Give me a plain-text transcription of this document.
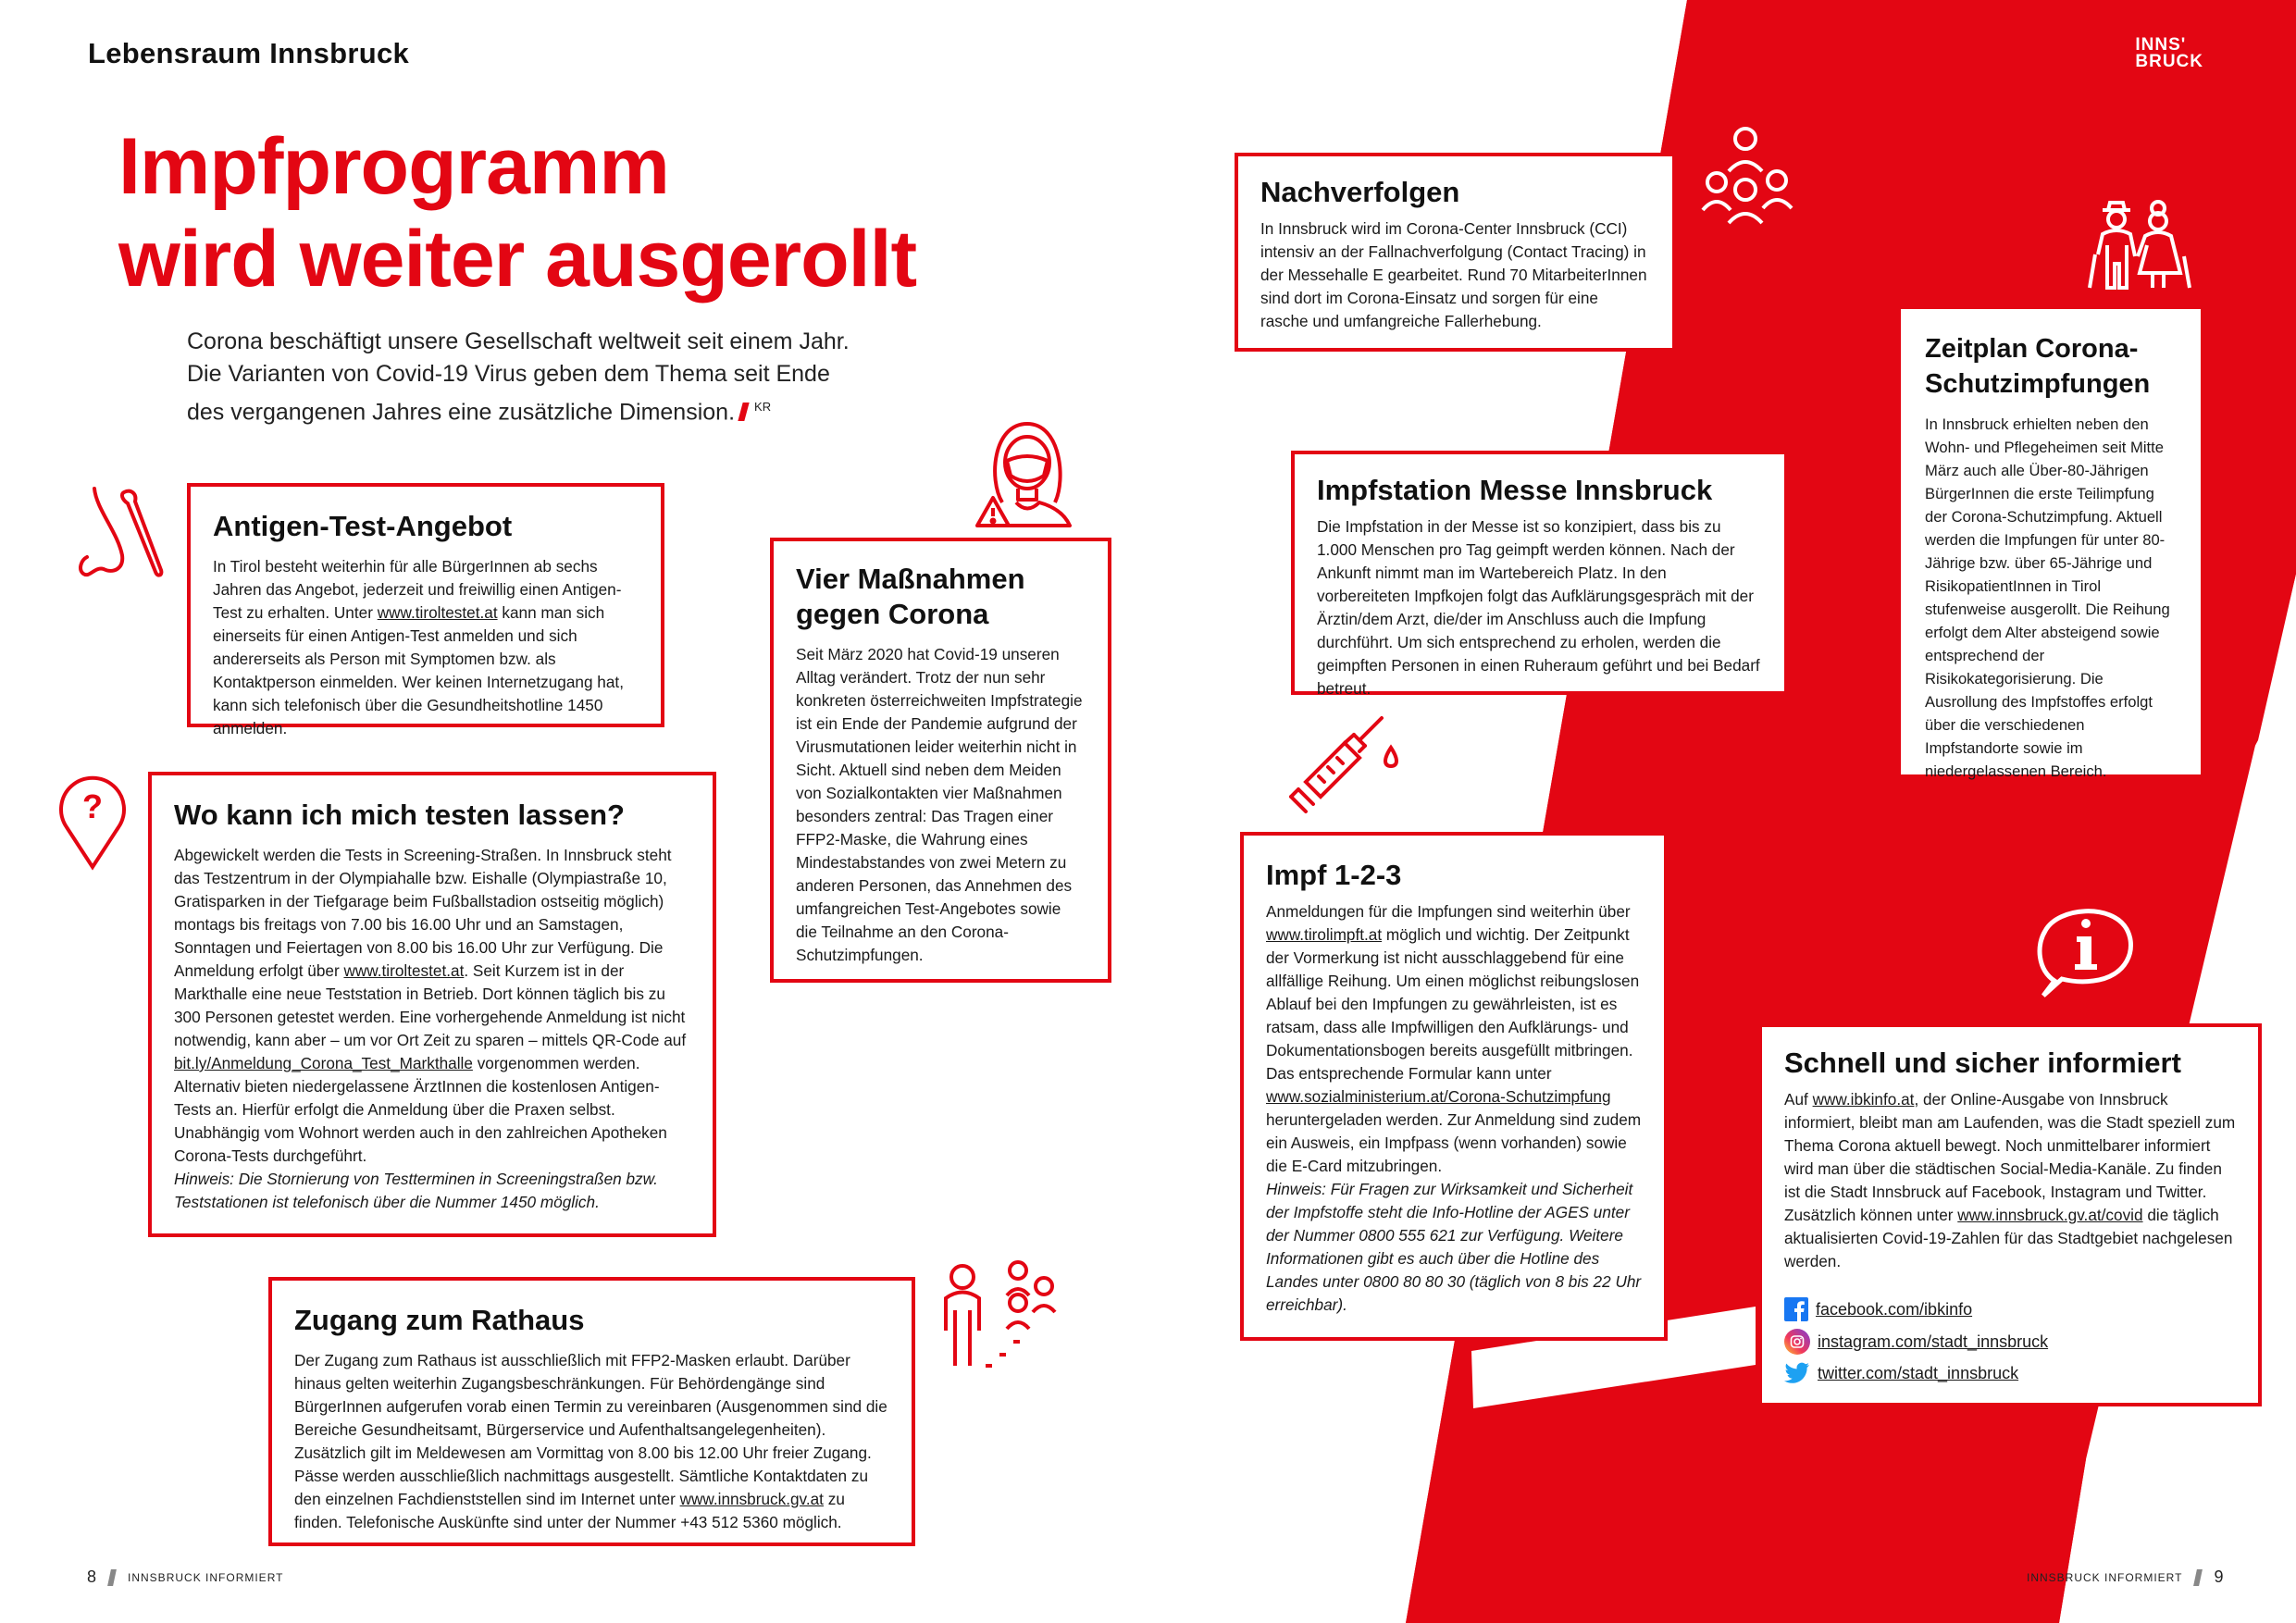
Lebensraum Innsbruck	INNS'
BRUCK
Impfprogramm
wird weiter ausgerollt
Corona beschäftigt unsere Gesellschaft weltweit seit einem Jahr. Die Varianten von Covid-19 Virus geben dem Thema seit Ende des vergangenen Jahres eine zusätzliche Dimension. $^{KR}$
Antigen-Test-Angebot

In Tirol besteht weiterhin für alle BürgerInnen ab sechs Jahren das Angebot, jederzeit und freiwillig einen Antigen-Test zu erhalten. Unter www.tiroltestet.at kann man sich einerseits für einen Antigen-Test anmelden und sich andererseits als Person mit Symptomen bzw. als Kontaktperson einmelden. Wer keinen Internetzugang hat, kann sich telefonisch über die Gesundheitshotline 1450 anmelden.

? Wo kann ich mich testen lassen?

Abgewickelt werden die Tests in Screening-Straßen. In Innsbruck steht das Testzentrum in der Olympiahalle bzw. Eishalle (Olympiastraße 10, Gratisparken in der Tiefgarage beim Fußballstadion ostseitig möglich) montags bis freitags von 7.00 bis 16.00 Uhr und an Samstagen, Sonntagen und Feiertagen von 8.00 bis 16.00 Uhr zur Verfügung. Die Anmeldung erfolgt über www.tiroltestet.at. Seit Kurzem ist in der Markthalle eine neue Teststation in Betrieb. Dort können täglich bis zu 300 Personen getestet werden. Eine vorhergehende Anmeldung ist nicht notwendig, kann aber – um vor Ort Zeit zu sparen – mittels QR-Code auf bit.ly/Anmeldung_Corona_Test_Markthalle vorgenommen werden. Alternativ bieten niedergelassene ÄrztInnen die kostenlosen Antigen-Tests an. Hierfür erfolgt die Anmeldung über die Praxen selbst. Unabhängig vom Wohnort werden auch in den zahlreichen Apotheken Corona-Tests durchgeführt.

Hinweis: Die Stornierung von Testterminen in Screeningstraßen bzw. Teststationen ist telefonisch über die Nummer 1450 möglich.

Vier Maßnahmen
gegen Corona

Seit März 2020 hat Covid-19 unseren Alltag verändert. Trotz der nun sehr konkreten österreichweiten Impfstrategie ist ein Ende der Pandemie aufgrund der Virusmutationen leider weiterhin nicht in Sicht. Aktuell sind neben dem Meiden von Sozialkontakten vier Maßnahmen besonders zentral: Das Tragen einer FFP2-Maske, die Wahrung eines Mindestabstandes von zwei Metern zu anderen Personen, das Annehmen des umfangreichen Test-Angebotes sowie die Teilnahme an den Corona-Schutzimpfungen.

Zugang zum Rathaus

Der Zugang zum Rathaus ist ausschließlich mit FFP2-Masken erlaubt. Darüber hinaus gelten weiterhin Zugangsbeschränkungen. Für Behördengänge sind BürgerInnen aufgerufen vorab einen Termin zu vereinbaren (Ausgenommen sind die Bereiche Gesundheitsamt, Bürgerservice und Aufenthaltsangelegenheiten). Zusätzlich gilt im Meldewesen am Vormittag von 8.00 bis 12.00 Uhr freier Zugang. Pässe werden ausschließlich nachmittags ausgestellt. Sämtliche Kontaktdaten zu den einzelnen Fachdienststellen sind im Internet unter www.innsbruck.gv.at zu finden. Telefonische Auskünfte sind unter der Nummer +43 512 5360 möglich.

Nachverfolgen

In Innsbruck wird im Corona-Center Innsbruck (CCI) intensiv an der Fallnachverfolgung (Contact Tracing) in der Messehalle E gearbeitet. Rund 70 MitarbeiterInnen sind dort im Corona-Einsatz und sorgen für eine rasche und umfangreiche Fallerhebung.

Zeitplan Corona-
Schutzimpfungen

In Innsbruck erhielten neben den Wohn- und Pflegeheimen seit Mitte März auch alle Über-80-Jährigen BürgerInnen die erste Teilimpfung der Corona-Schutzimpfung. Aktuell werden die Impfungen für unter 80-Jährige bzw. über 65-Jährige und RisikopatientInnen in Tirol stufenweise ausgerollt. Die Reihung erfolgt dem Alter absteigend sowie entsprechend der Risikokategorisierung. Die Ausrollung des Impfstoffes erfolgt über die verschiedenen Impfstandorte sowie im niedergelassenen Bereich.

Impfstation Messe Innsbruck

Die Impfstation in der Messe ist so konzipiert, dass bis zu 1.000 Menschen pro Tag geimpft werden können. Nach der Ankunft nimmt man im Wartebereich Platz. In den vorbereiteten Impfkojen folgt das Aufklärungsgespräch mit der Ärztin/dem Arzt, die/der im Anschluss auch die Impfung durchführt. Um sich entsprechend zu erholen, werden die geimpften Personen in einen Ruheraum geführt und bei Bedarf betreut.

Impf 1-2-3

Anmeldungen für die Impfungen sind weiterhin über www.tirolimpft.at möglich und wichtig. Der Zeitpunkt der Vormerkung ist nicht ausschlaggebend für eine allfällige Reihung. Um einen möglichst reibungslosen Ablauf bei den Impfungen zu gewährleisten, ist es ratsam, dass alle Impfwilligen den Aufklärungs- und Dokumentationsbogen bereits ausgefüllt mitbringen. Das entsprechende Formular kann unter www.sozialministerium.at/Corona-Schutzimpfung heruntergeladen werden. Zur Anmeldung sind zudem ein Ausweis, ein Impfpass (wenn vorhanden) sowie die E-Card mitzubringen.

Hinweis: Für Fragen zur Wirksamkeit und Sicherheit der Impfstoffe steht die Info-Hotline der AGES unter der Nummer 0800 555 621 zur Verfügung. Weitere Informationen gibt es auch über die Hotline des Landes unter 0800 80 80 30 (täglich von 8 bis 22 Uhr erreichbar).

Schnell und sicher informiert

Auf www.ibkinfo.at, der Online-Ausgabe von Innsbruck informiert, bleibt man am Laufenden, was die Stadt speziell zum Thema Corona aktuell bewegt. Noch unmittelbarer informiert wird man über die städtischen Social-Media-Kanäle. Zu finden ist die Stadt Innsbruck auf Facebook, Instagram und Twitter. Zusätzlich können unter www.innsbruck.gv.at/covid die täglich aktualisierten Covid-19-Zahlen für das Stadtgebiet nachgelesen werden.

facebook.com/ibkinfo
instagram.com/stadt_innsbruck
twitter.com/stadt_innsbruck
8	INNSBRUCK INFORMIERT	INNSBRUCK INFORMIERT 9
